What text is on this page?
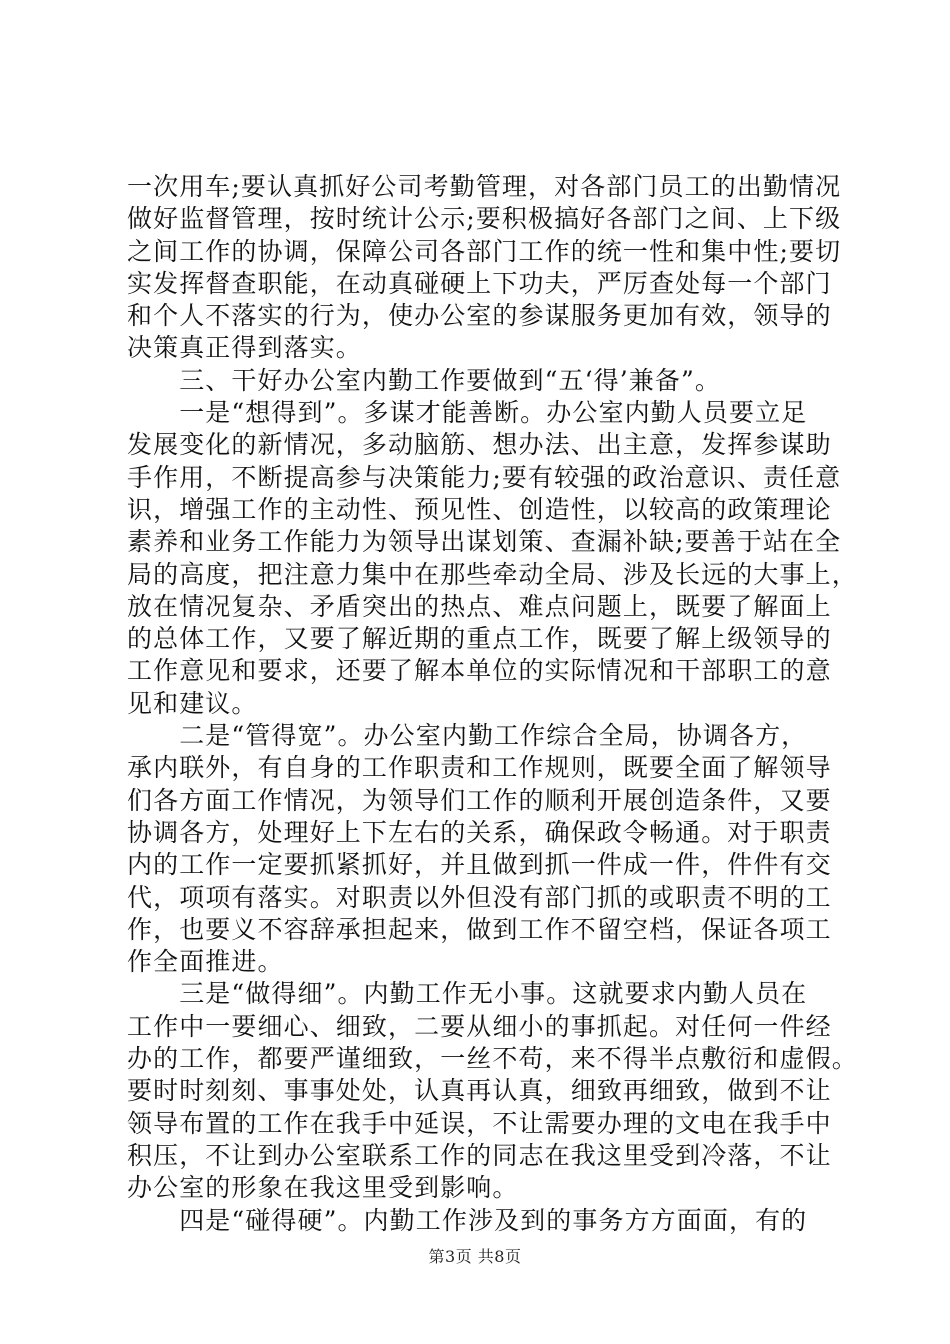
一次用车;要认真抓好公司考勤管理，对各部门员工的出勤情况
做好监督管理，按时统计公示;要积极搞好各部门之间、上下级
之间工作的协调，保障公司各部门工作的统一性和集中性;要切
实发挥督查职能，在动真碰硬上下功夫，严厉查处每一个部门
和个人不落实的行为，使办公室的参谋服务更加有效，领导的
决策真正得到落实。
　　三、干好办公室内勤工作要做到“五‘得’兼备”。
　　一是“想得到”。多谋才能善断。办公室内勤人员要立足
发展变化的新情况，多动脑筋、想办法、出主意，发挥参谋助
手作用，不断提高参与决策能力;要有较强的政治意识、责任意
识，增强工作的主动性、预见性、创造性，以较高的政策理论
素养和业务工作能力为领导出谋划策、查漏补缺;要善于站在全
局的高度，把注意力集中在那些牵动全局、涉及长远的大事上，
放在情况复杂、矛盾突出的热点、难点问题上，既要了解面上
的总体工作，又要了解近期的重点工作，既要了解上级领导的
工作意见和要求，还要了解本单位的实际情况和干部职工的意
见和建议。
　　二是“管得宽”。办公室内勤工作综合全局，协调各方，
承内联外，有自身的工作职责和工作规则，既要全面了解领导
们各方面工作情况，为领导们工作的顺利开展创造条件，又要
协调各方，处理好上下左右的关系，确保政令畅通。对于职责
内的工作一定要抓紧抓好，并且做到抓一件成一件，件件有交
代，项项有落实。对职责以外但没有部门抓的或职责不明的工
作，也要义不容辞承担起来，做到工作不留空档，保证各项工
作全面推进。
　　三是“做得细”。内勤工作无小事。这就要求内勤人员在
工作中一要细心、细致，二要从细小的事抓起。对任何一件经
办的工作，都要严谨细致，一丝不苟，来不得半点敷衍和虚假。
要时时刻刻、事事处处，认真再认真，细致再细致，做到不让
领导布置的工作在我手中延误，不让需要办理的文电在我手中
积压，不让到办公室联系工作的同志在我这里受到冷落，不让
办公室的形象在我这里受到影响。
　　四是“碰得硬”。内勤工作涉及到的事务方方面面，有的
第3页 共8页
